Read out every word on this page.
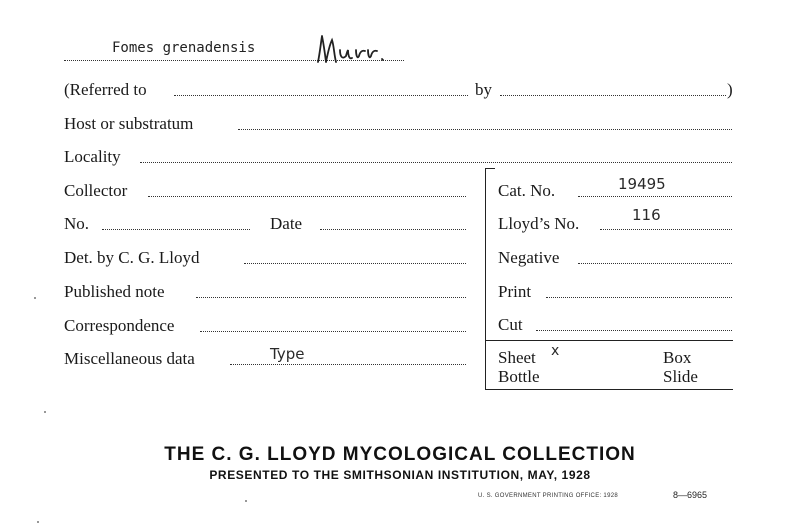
Fomes grenadensis
(Referred to	by	)
Host or substratum
Locality
Collector	Cat. No.	19495
No.	Date	Lloyd’s No.	116
Det. by C. G. Lloyd	Negative
Published note	Print
Correspondence	Cut
Miscellaneous data	Type	Sheet x	Box
Bottle	Slide
THE C. G. LLOYD MYCOLOGICAL COLLECTION
PRESENTED TO THE SMITHSONIAN INSTITUTION, MAY, 1928
U. S. GOVERNMENT PRINTING OFFICE: 1928	8—6965
